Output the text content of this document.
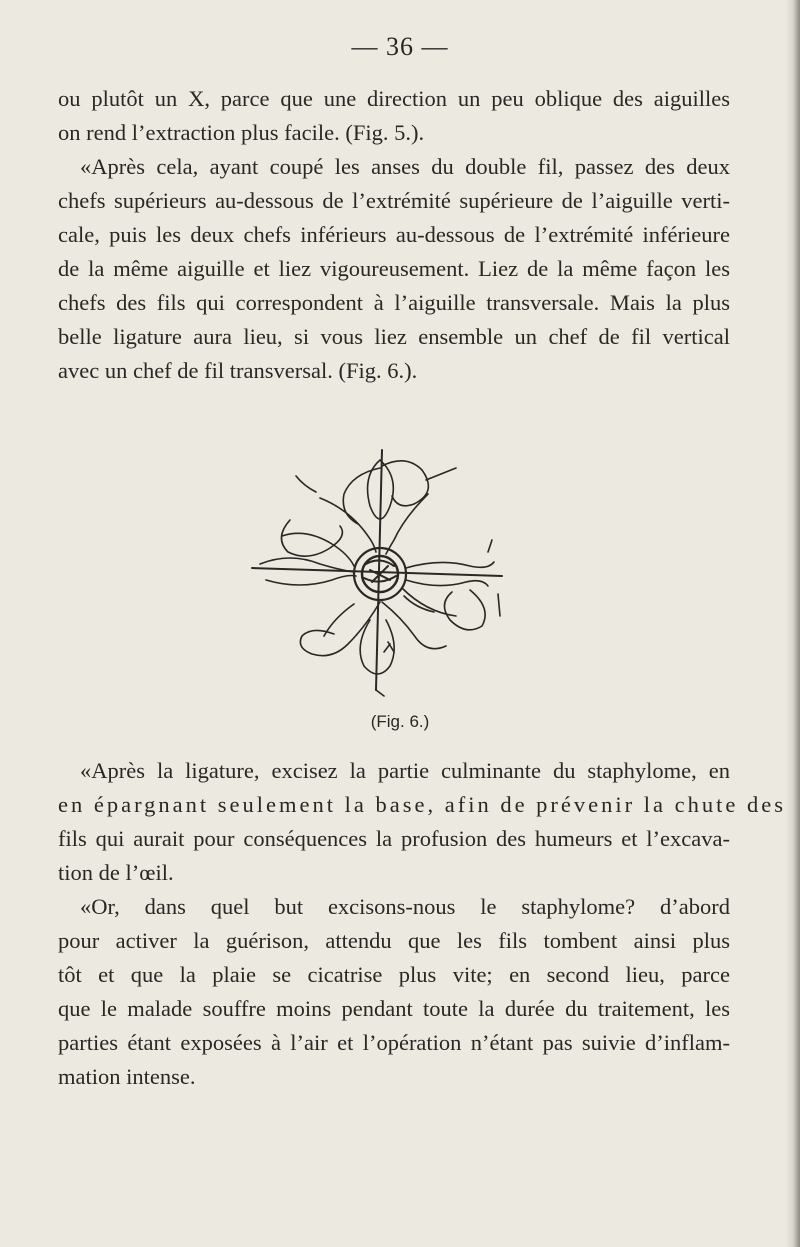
— 36 —
ou plutôt un X, parce que une direction un peu oblique des aiguilles
on rend l’extraction plus facile. (Fig. 5.).
«Après cela, ayant coupé les anses du double fil, passez des deux
chefs supérieurs au-dessous de l’extrémité supérieure de l’aiguille verti-
cale, puis les deux chefs inférieurs au-dessous de l’extrémité inférieure
de la même aiguille et liez vigoureusement. Liez de la même façon les
chefs des fils qui correspondent à l’aiguille transversale. Mais la plus
belle ligature aura lieu, si vous liez ensemble un chef de fil vertical
avec un chef de fil transversal. (Fig. 6.).
(Fig. 6.)
«Après la ligature, excisez la partie culminante du staphylome, en
en épargnant seulement la base, afin de prévenir la chute des
fils qui aurait pour conséquences la profusion des humeurs et l’excava-
tion de l’œil.
«Or, dans quel but excisons-nous le staphylome? d’abord
pour activer la guérison, attendu que les fils tombent ainsi plus
tôt et que la plaie se cicatrise plus vite; en second lieu, parce
que le malade souffre moins pendant toute la durée du traitement, les
parties étant exposées à l’air et l’opération n’étant pas suivie d’inflam-
mation intense.
